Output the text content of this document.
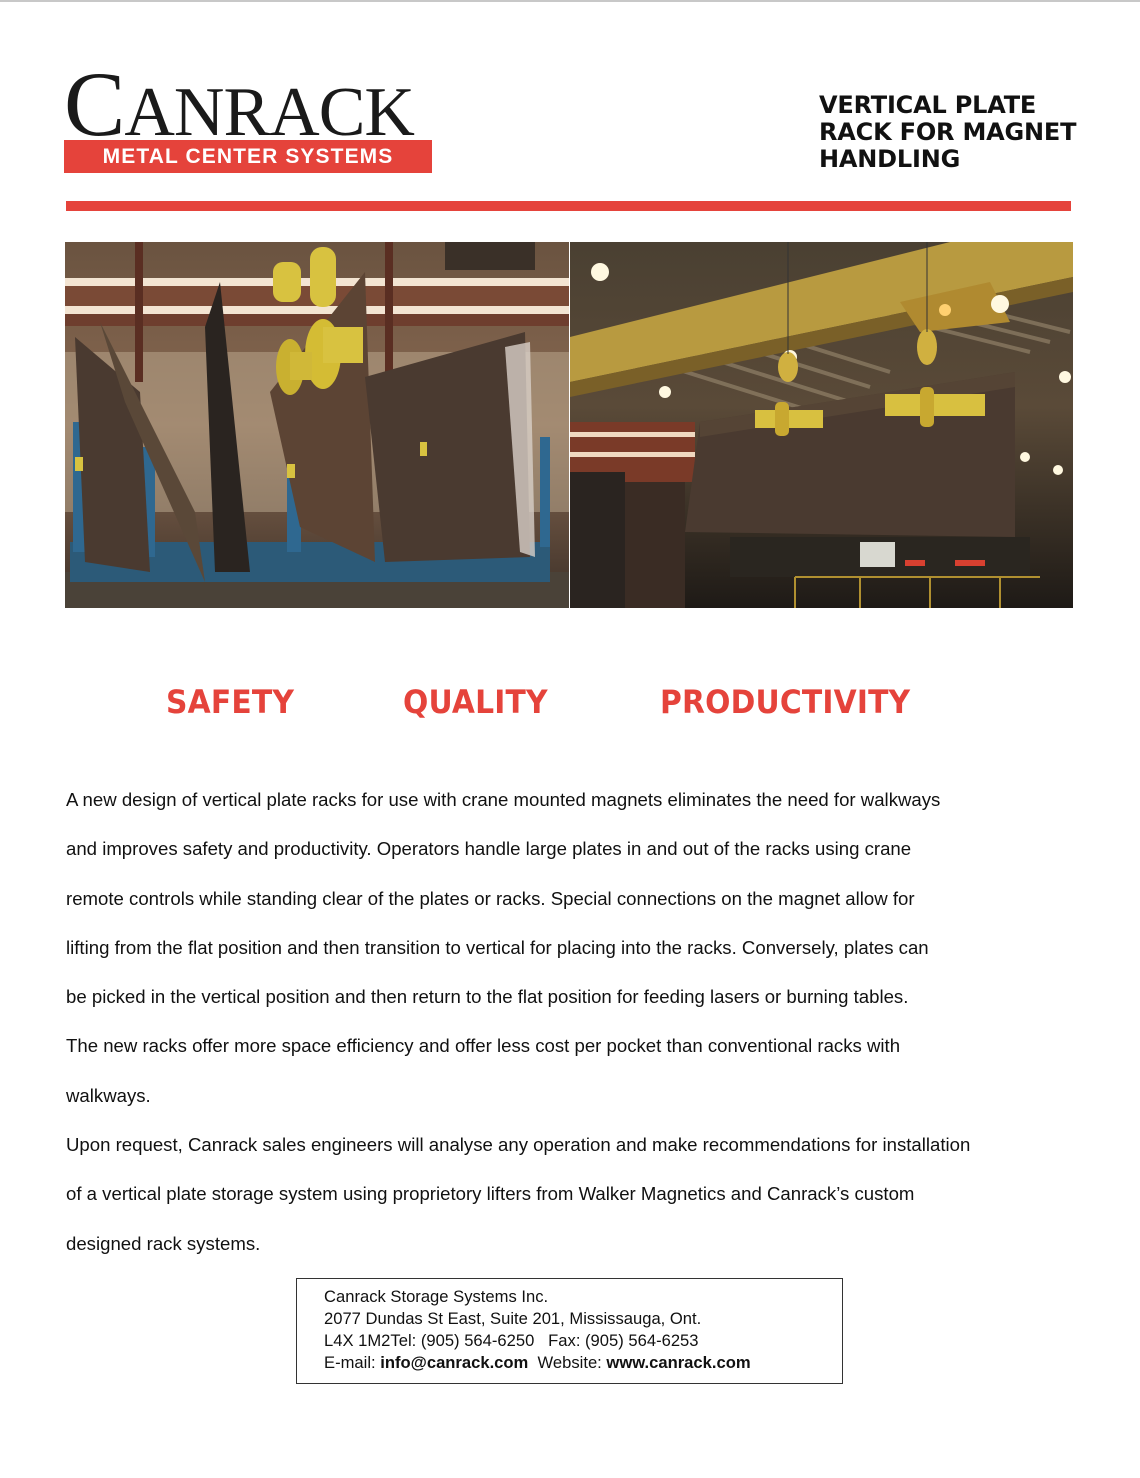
C ANRACK
METAL CENTER SYSTEMS
VERTICAL PLATE
RACK FOR MAGNET
HANDLING
SAFETY	QUALITY	PRODUCTIVITY
A new design of vertical plate racks for use with crane mounted magnets eliminates the need for walkways
and improves safety and productivity. Operators handle large plates in and out of the racks using crane
remote controls while standing clear of the plates or racks. Special connections on the magnet allow for
lifting from the flat position and then transition to vertical for placing into the racks. Conversely, plates can
be picked in the vertical position and then return to the flat position for feeding lasers or burning tables.
The new racks offer more space efficiency and offer less cost per pocket than conventional racks with
walkways.
Upon request, Canrack sales engineers will analyse any operation and make recommendations for installation
of a vertical plate storage system using proprietory lifters from Walker Magnetics and Canrack’s custom
designed rack systems.
Canrack Storage Systems Inc.
2077 Dundas St East, Suite 201, Mississauga, Ont.
L4X 1M2Tel: (905) 564-6250   Fax: (905) 564-6253
E-mail: info@canrack.com  Website: www.canrack.com
